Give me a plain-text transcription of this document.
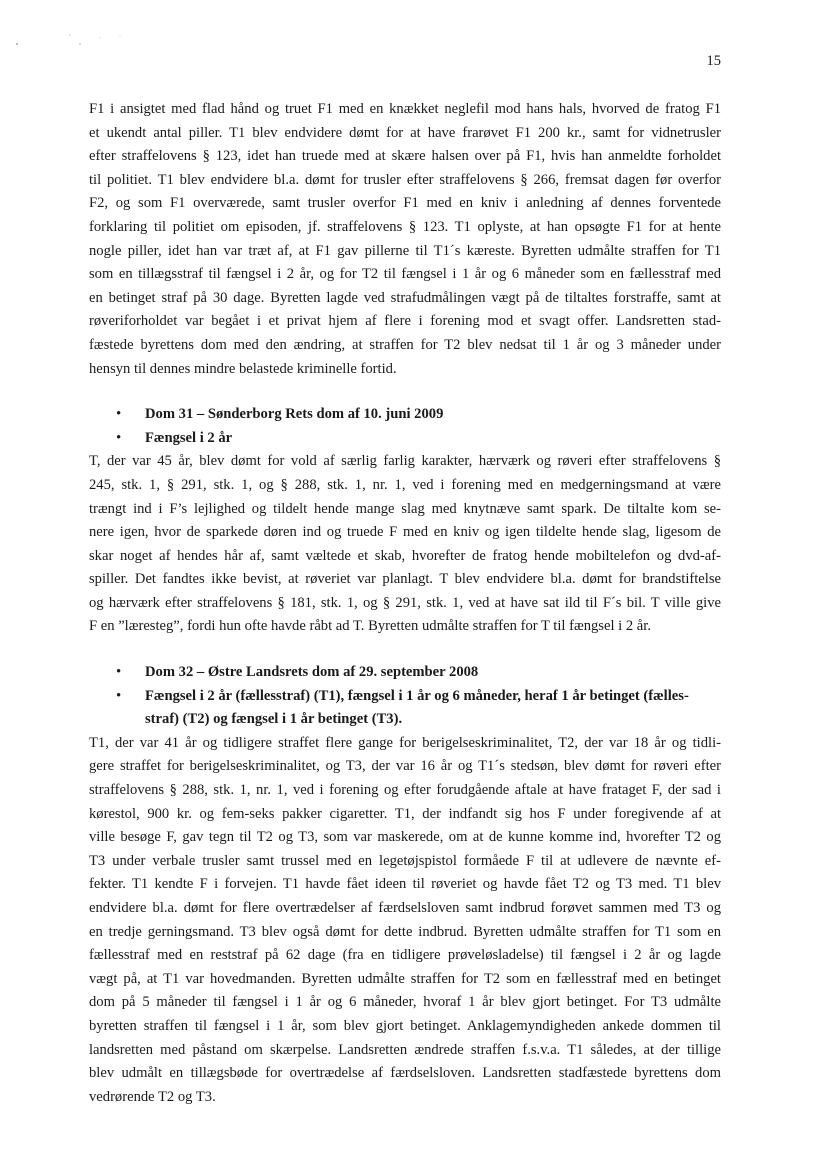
15

F1 i ansigtet med flad hånd og truet F1 med en knækket neglefil mod hans hals, hvorved de fratog F1
et ukendt antal piller. T1 blev endvidere dømt for at have frarøvet F1 200 kr., samt for vidnetrusler
efter straffelovens § 123, idet han truede med at skære halsen over på F1, hvis han anmeldte forholdet
til politiet. T1 blev endvidere bl.a. dømt for trusler efter straffelovens § 266, fremsat dagen før overfor
F2, og som F1 overværede, samt trusler overfor F1 med en kniv i anledning af dennes forventede
forklaring til politiet om episoden, jf. straffelovens § 123. T1 oplyste, at han opsøgte F1 for at hente
nogle piller, idet han var træt af, at F1 gav pillerne til T1´s kæreste. Byretten udmålte straffen for T1
som en tillægsstraf til fængsel i 2 år, og for T2 til fængsel i 1 år og 6 måneder som en fællesstraf med
en betinget straf på 30 dage. Byretten lagde ved strafudmålingen vægt på de tiltaltes forstraffe, samt at
røveriforholdet var begået i et privat hjem af flere i forening mod et svagt offer. Landsretten stad-
fæstede byrettens dom med den ændring, at straffen for T2 blev nedsat til 1 år og 3 måneder under
hensyn til dennes mindre belastede kriminelle fortid.

• Dom 31 – Sønderborg Rets dom af 10. juni 2009
• Fængsel i 2 år

T, der var 45 år, blev dømt for vold af særlig farlig karakter, hærværk og røveri efter straffelovens §
245, stk. 1, § 291, stk. 1, og § 288, stk. 1, nr. 1, ved i forening med en medgerningsmand at være
trængt ind i F’s lejlighed og tildelt hende mange slag med knytnæve samt spark. De tiltalte kom se-
nere igen, hvor de sparkede døren ind og truede F med en kniv og igen tildelte hende slag, ligesom de
skar noget af hendes hår af, samt væltede et skab, hvorefter de fratog hende mobiltelefon og dvd-af-
spiller. Det fandtes ikke bevist, at røveriet var planlagt. T blev endvidere bl.a. dømt for brandstiftelse
og hærværk efter straffelovens § 181, stk. 1, og § 291, stk. 1, ved at have sat ild til F´s bil. T ville give
F en ”læresteg”, fordi hun ofte havde råbt ad T. Byretten udmålte straffen for T til fængsel i 2 år.

• Dom 32 – Østre Landsrets dom af 29. september 2008
• Fængsel i 2 år (fællesstraf) (T1), fængsel i 1 år og 6 måneder, heraf 1 år betinget (fælles-
straf) (T2) og fængsel i 1 år betinget (T3).

T1, der var 41 år og tidligere straffet flere gange for berigelseskriminalitet, T2, der var 18 år og tidli-
gere straffet for berigelseskriminalitet, og T3, der var 16 år og T1´s stedsøn, blev dømt for røveri efter
straffelovens § 288, stk. 1, nr. 1, ved i forening og efter forudgående aftale at have frataget F, der sad i
kørestol, 900 kr. og fem-seks pakker cigaretter. T1, der indfandt sig hos F under foregivende af at
ville besøge F, gav tegn til T2 og T3, som var maskerede, om at de kunne komme ind, hvorefter T2 og
T3 under verbale trusler samt trussel med en legetøjspistol formåede F til at udlevere de nævnte ef-
fekter. T1 kendte F i forvejen. T1 havde fået ideen til røveriet og havde fået T2 og T3 med. T1 blev
endvidere bl.a. dømt for flere overtrædelser af færdselsloven samt indbrud forøvet sammen med T3 og
en tredje gerningsmand. T3 blev også dømt for dette indbrud. Byretten udmålte straffen for T1 som en
fællesstraf med en reststraf på 62 dage (fra en tidligere prøveløsladelse) til fængsel i 2 år og lagde
vægt på, at T1 var hovedmanden. Byretten udmålte straffen for T2 som en fællesstraf med en betinget
dom på 5 måneder til fængsel i 1 år og 6 måneder, hvoraf 1 år blev gjort betinget. For T3 udmålte
byretten straffen til fængsel i 1 år, som blev gjort betinget. Anklagemyndigheden ankede dommen til
landsretten med påstand om skærpelse. Landsretten ændrede straffen f.s.v.a. T1 således, at der tillige
blev udmålt en tillægsbøde for overtrædelse af færdselsloven. Landsretten stadfæstede byrettens dom
vedrørende T2 og T3.
